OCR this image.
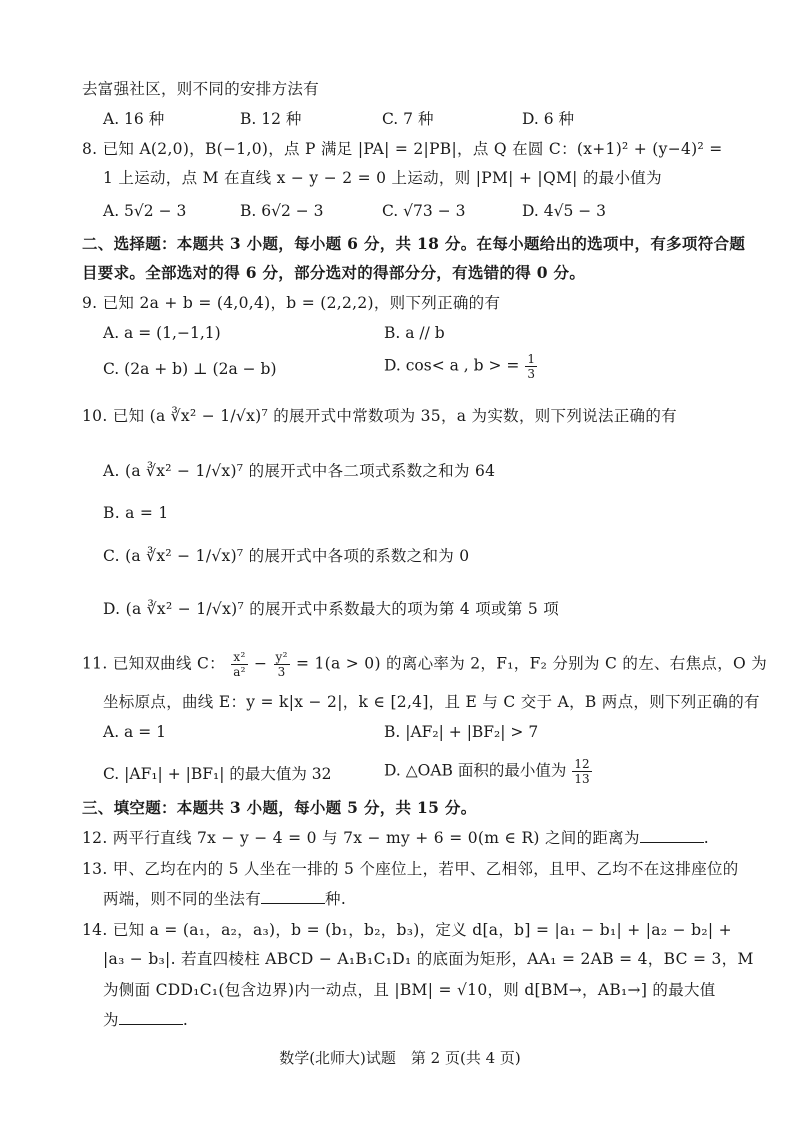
去富强社区，则不同的安排方法有
A. 16 种	B. 12 种	C. 7 种	D. 6 种
8. 已知 A(2,0)，B(−1,0)，点 P 满足 |PA| = 2|PB|，点 Q 在圆 C：(x+1)² + (y−4)² =
1 上运动，点 M 在直线 x − y − 2 = 0 上运动，则 |PM| + |QM| 的最小值为
A. 5√2 − 3	B. 6√2 − 3	C. √73 − 3	D. 4√5 − 3
二、选择题：本题共 3 小题，每小题 6 分，共 18 分。在每小题给出的选项中，有多项符合题
目要求。全部选对的得 6 分，部分选对的得部分分，有选错的得 0 分。
9. 已知 2a + b = (4,0,4)，b = (2,2,2)，则下列正确的有
A. a = (1,−1,1)	B. a // b
C. (2a + b) ⊥ (2a − b)	D. cos< a , b > = $\frac{1}{3}$
10. 已知 (a ∛x² − 1/√x)⁷ 的展开式中常数项为 35，a 为实数，则下列说法正确的有
A. (a ∛x² − 1/√x)⁷ 的展开式中各二项式系数之和为 64
B. a = 1
C. (a ∛x² − 1/√x)⁷ 的展开式中各项的系数之和为 0
D. (a ∛x² − 1/√x)⁷ 的展开式中系数最大的项为第 4 项或第 5 项
11. 已知双曲线 C： $\frac{\text{x²}}{\text{a²}} - \frac{\text{y²}}{3} = 1(a > 0)$ 的离心率为 2，F₁，F₂ 分别为 C 的左、右焦点，O 为
坐标原点，曲线 E：y = k|x − 2|，k ∈ [2,4]，且 E 与 C 交于 A，B 两点，则下列正确的有
A. a = 1	B. |AF₂| + |BF₂| > 7
C. |AF₁| + |BF₁| 的最大值为 32	D. △OAB 面积的最小值为 $\frac{12}{13}$
三、填空题：本题共 3 小题，每小题 5 分，共 15 分。
12. 两平行直线 7x − y − 4 = 0 与 7x − my + 6 = 0(m ∈ R) 之间的距离为	.
13. 甲、乙均在内的 5 人坐在一排的 5 个座位上，若甲、乙相邻，且甲、乙均不在这排座位的
两端，则不同的坐法有	种.
14. 已知 a = (a₁，a₂，a₃)，b = (b₁，b₂，b₃)，定义 d[a，b] = |a₁ − b₁| + |a₂ − b₂| +
|a₃ − b₃|. 若直四棱柱 ABCD − A₁B₁C₁D₁ 的底面为矩形，AA₁ = 2AB = 4，BC = 3，M
为侧面 CDD₁C₁(包含边界)内一动点，且 |BM| = √10，则 d[BM→，AB₁→] 的最大值
为	.
数学(北师大)试题　第 2 页(共 4 页)
